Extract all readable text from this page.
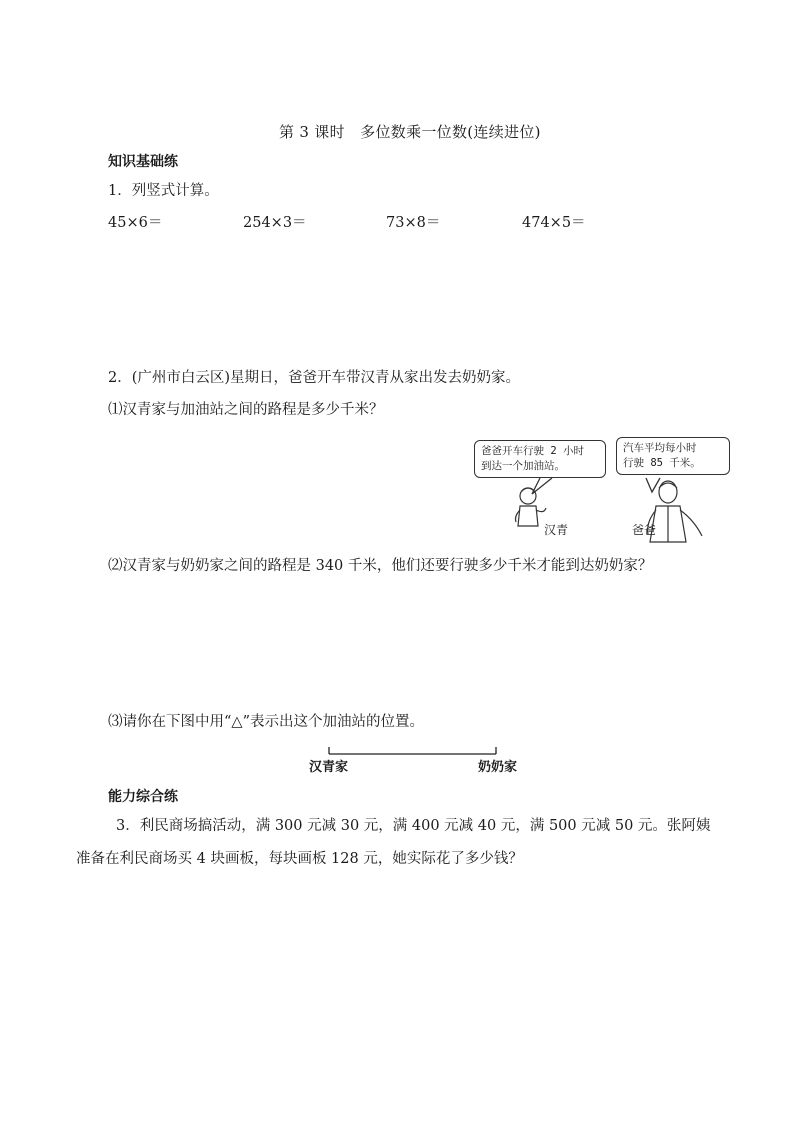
第 3 课时　多位数乘一位数(连续进位)
知识基础练
1．列竖式计算。
45×6＝	254×3＝	73×8＝	474×5＝
2．(广州市白云区)星期日，爸爸开车带汉青从家出发去奶奶家。
⑴汉青家与加油站之间的路程是多少千米？
爸爸开车行驶 2 小时
到达一个加油站。
汽车平均每小时
行驶 85 千米。
汉青	爸爸
⑵汉青家与奶奶家之间的路程是 340 千米，他们还要行驶多少千米才能到达奶奶家？
⑶请你在下图中用“△”表示出这个加油站的位置。
汉青家	奶奶家
能力综合练
3．利民商场搞活动，满 300 元减 30 元，满 400 元减 40 元，满 500 元减 50 元。张阿姨
准备在利民商场买 4 块画板，每块画板 128 元，她实际花了多少钱？
